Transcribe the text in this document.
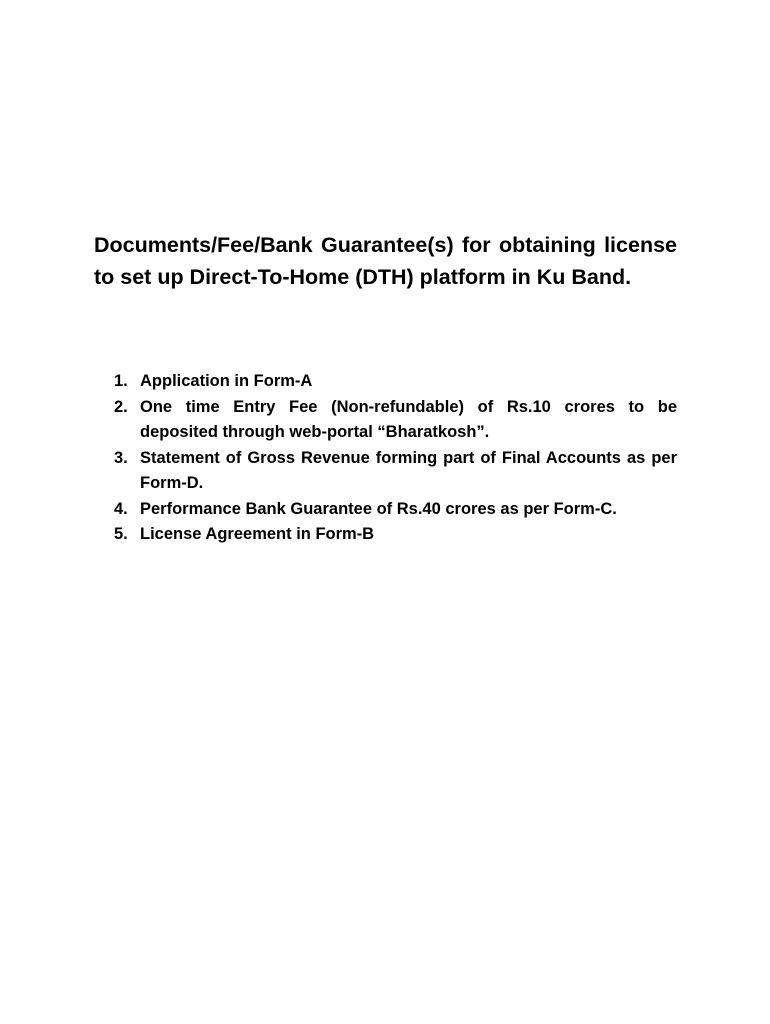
Documents/Fee/Bank Guarantee(s) for obtaining license to set up Direct-To-Home (DTH) platform in Ku Band.
1. Application in Form-A
2. One time Entry Fee (Non-refundable) of Rs.10 crores to be deposited through web-portal “Bharatkosh”.
3. Statement of Gross Revenue forming part of Final Accounts as per Form-D.
4. Performance Bank Guarantee of Rs.40 crores as per Form-C.
5. License Agreement in Form-B
